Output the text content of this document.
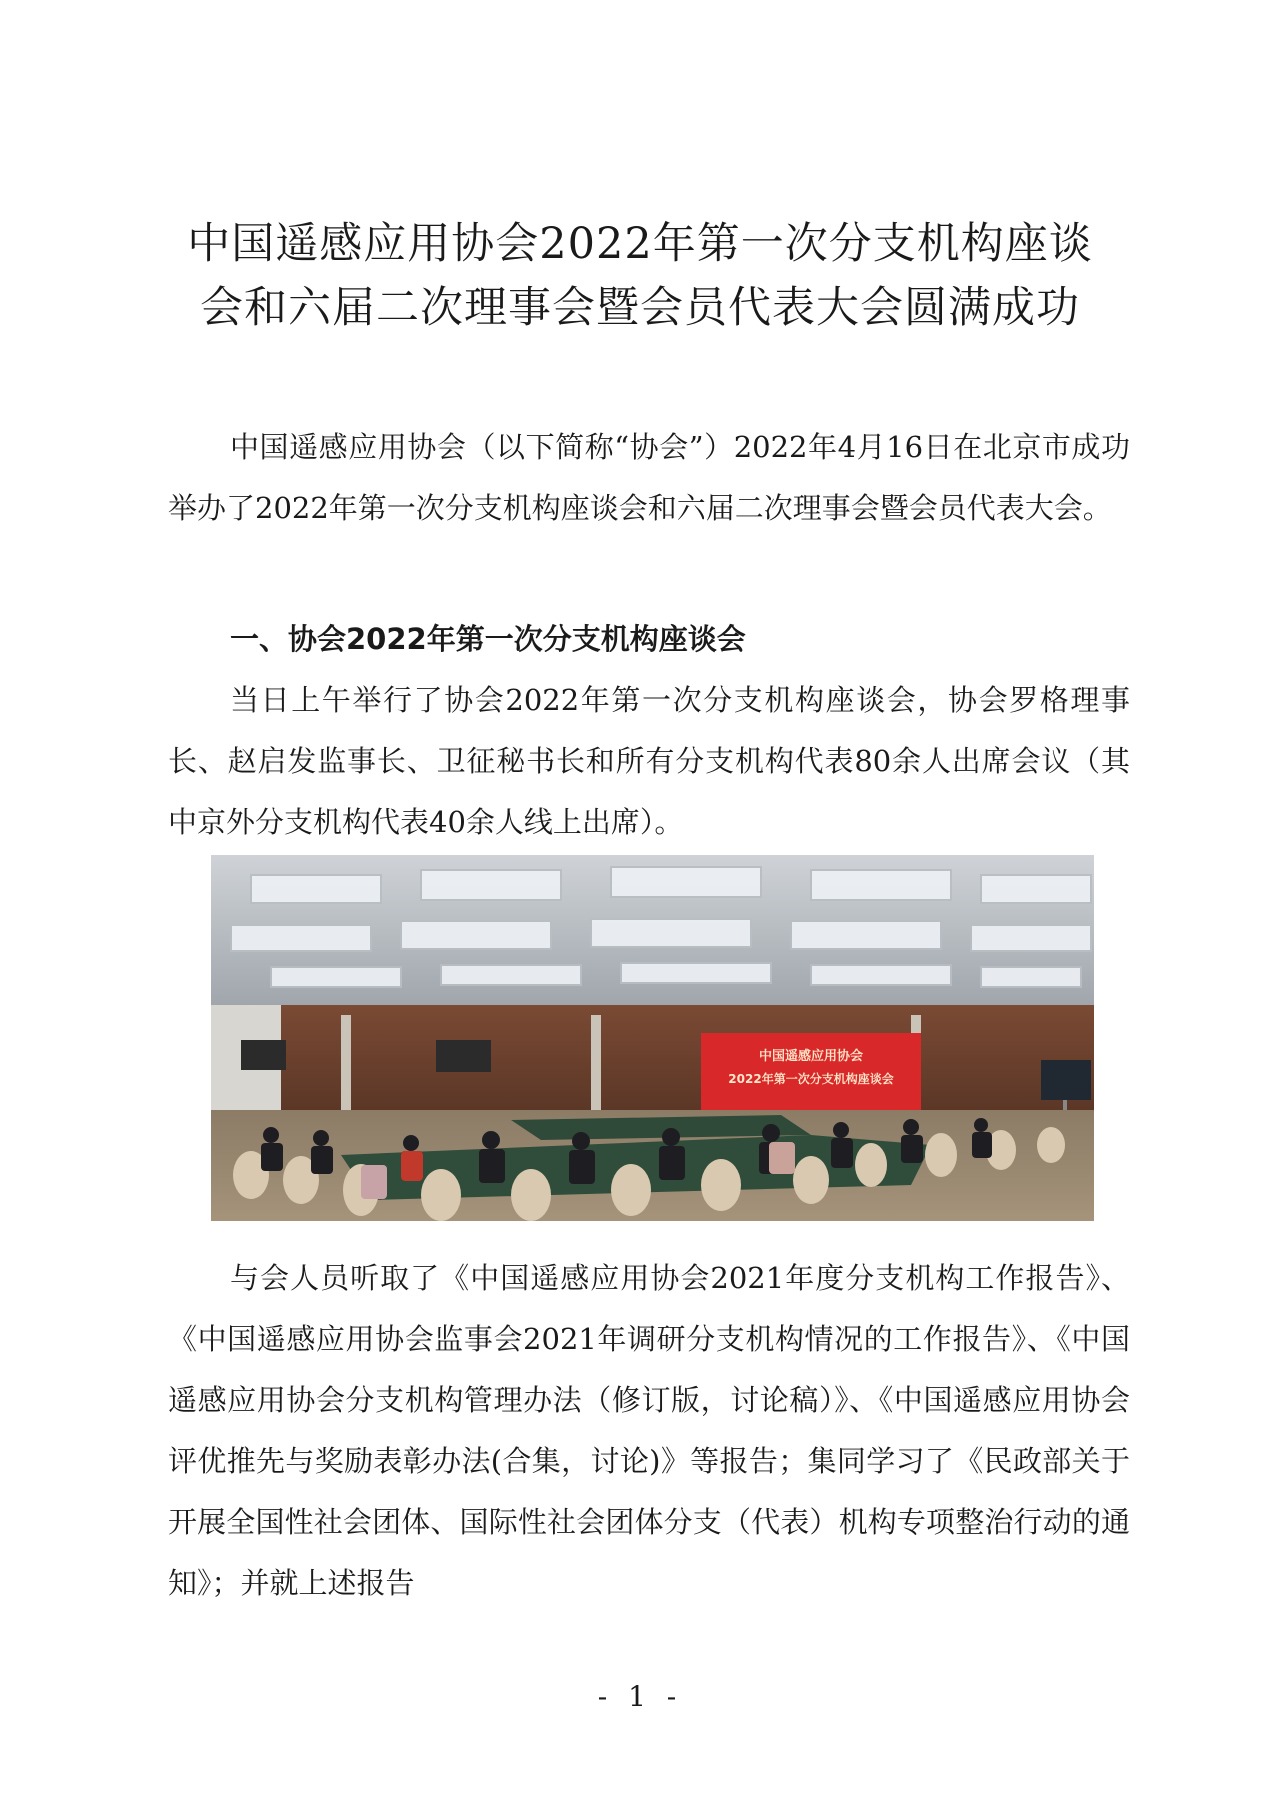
中国遥感应用协会2022年第一次分支机构座谈
会和六届二次理事会暨会员代表大会圆满成功
中国遥感应用协会（以下简称“协会”）2022年4月16日在北京市成功举办了2022年第一次分支机构座谈会和六届二次理事会暨会员代表大会。
一、协会2022年第一次分支机构座谈会
当日上午举行了协会2022年第一次分支机构座谈会，协会罗格理事长、赵启发监事长、卫征秘书长和所有分支机构代表80余人出席会议（其中京外分支机构代表40余人线上出席）。
中国遥感应用协会
2022年第一次分支机构座谈会
与会人员听取了《中国遥感应用协会2021年度分支机构工作报告》、《中国遥感应用协会监事会2021年调研分支机构情况的工作报告》、《中国遥感应用协会分支机构管理办法（修订版，讨论稿）》、《中国遥感应用协会评优推先与奖励表彰办法(合集，讨论)》等报告；集同学习了《民政部关于开展全国性社会团体、国际性社会团体分支（代表）机构专项整治行动的通知》；并就上述报告
- 1 -
